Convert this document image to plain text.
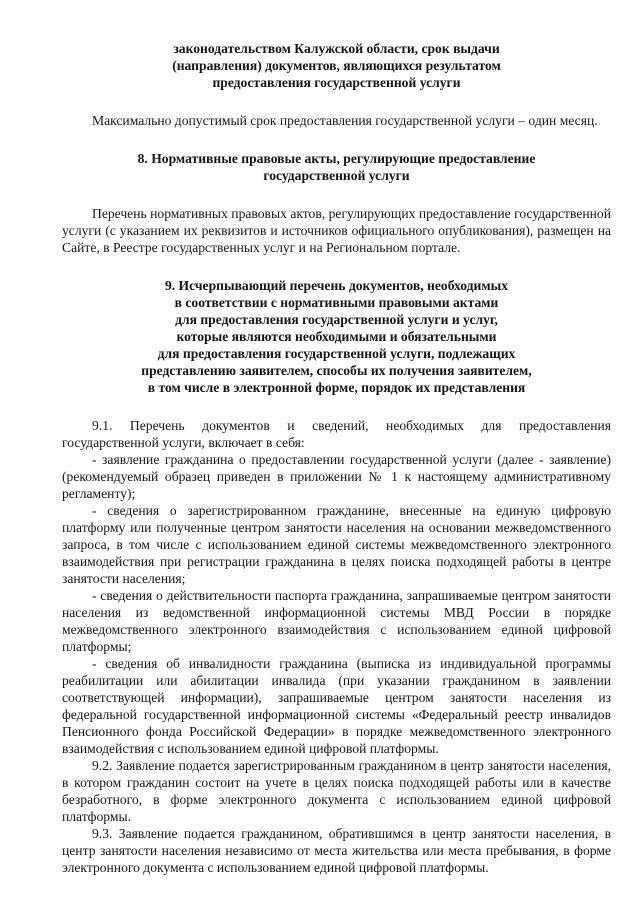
законодательством Калужской области, срок выдачи
(направления) документов, являющихся результатом
предоставления государственной услуги

Максимально допустимый срок предоставления государственной услуги – один месяц.

8. Нормативные правовые акты, регулирующие предоставление
государственной услуги

Перечень нормативных правовых актов, регулирующих предоставление государственной услуги (с указанием их реквизитов и источников официального опубликования), размещен на Сайте, в Реестре государственных услуг и на Региональном портале.

9. Исчерпывающий перечень документов, необходимых
в соответствии с нормативными правовыми актами
для предоставления государственной услуги и услуг,
которые являются необходимыми и обязательными
для предоставления государственной услуги, подлежащих
представлению заявителем, способы их получения заявителем,
в том числе в электронной форме, порядок их представления

9.1. Перечень документов и сведений, необходимых для предоставления государственной услуги, включает в себя:

- заявление гражданина о предоставлении государственной услуги (далее - заявление) (рекомендуемый образец приведен в приложении № 1 к настоящему административному регламенту);

- сведения о зарегистрированном гражданине, внесенные на единую цифровую платформу или полученные центром занятости населения на основании межведомственного запроса, в том числе с использованием единой системы межведомственного электронного взаимодействия при регистрации гражданина в целях поиска подходящей работы в центре занятости населения;

- сведения о действительности паспорта гражданина, запрашиваемые центром занятости населения из ведомственной информационной системы МВД России в порядке межведомственного электронного взаимодействия с использованием единой цифровой платформы;

- сведения об инвалидности гражданина (выписка из индивидуальной программы реабилитации или абилитации инвалида (при указании гражданином в заявлении соответствующей информации), запрашиваемые центром занятости населения из федеральной государственной информационной системы «Федеральный реестр инвалидов Пенсионного фонда Российской Федерации» в порядке межведомственного электронного взаимодействия с использованием единой цифровой платформы.

9.2. Заявление подается зарегистрированным гражданином в центр занятости населения, в котором гражданин состоит на учете в целях поиска подходящей работы или в качестве безработного, в форме электронного документа с использованием единой цифровой платформы.

9.3. Заявление подается гражданином, обратившимся в центр занятости населения, в центр занятости населения независимо от места жительства или места пребывания, в форме электронного документа с использованием единой цифровой платформы.
